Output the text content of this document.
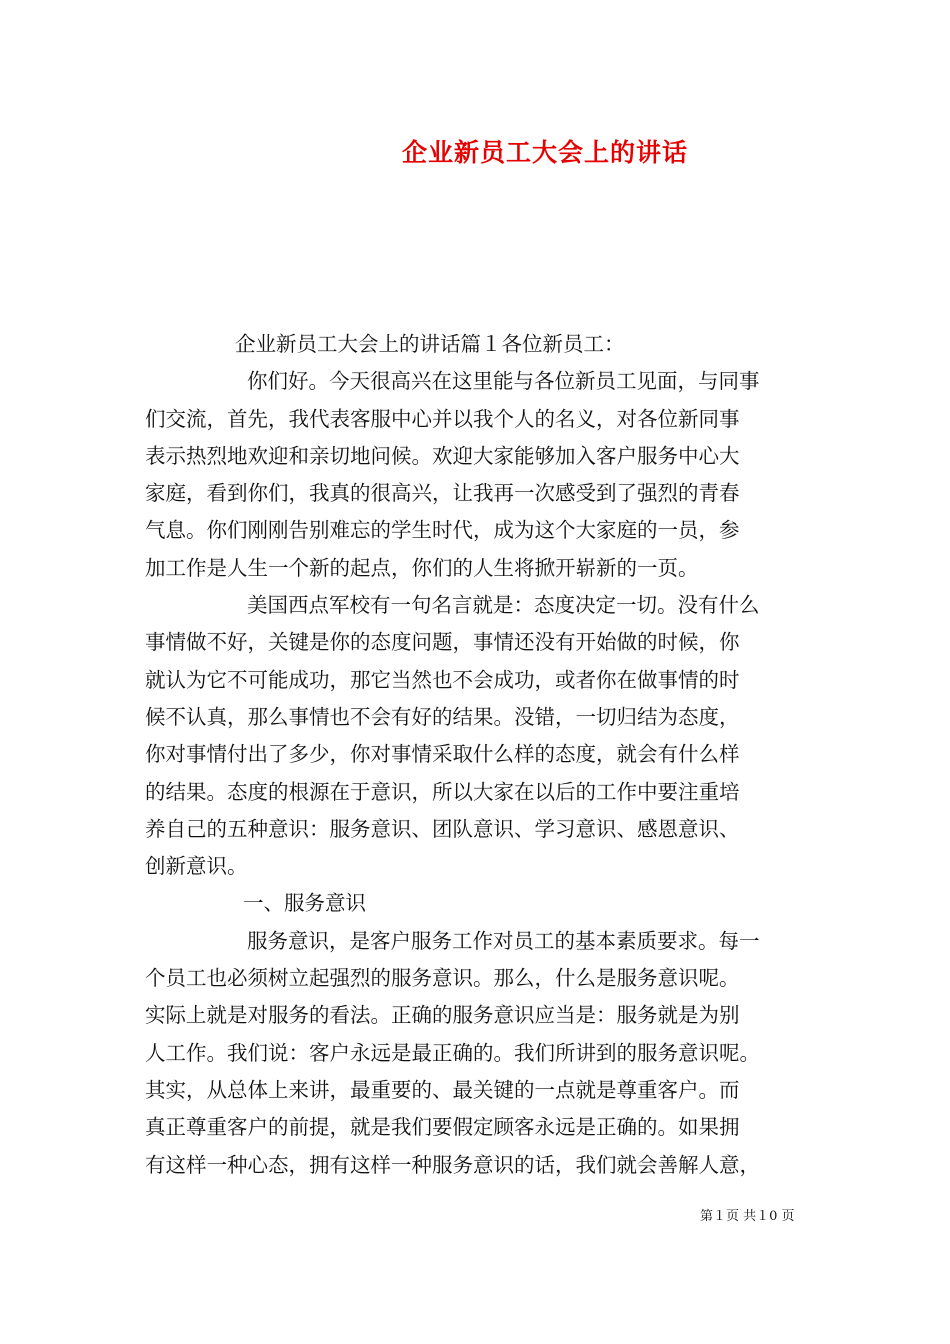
企业新员工大会上的讲话
企业新员工大会上的讲话篇１各位新员工：
你们好。今天很高兴在这里能与各位新员工见面，与同事
们交流，首先，我代表客服中心并以我个人的名义，对各位新同事
表示热烈地欢迎和亲切地问候。欢迎大家能够加入客户服务中心大
家庭，看到你们，我真的很高兴，让我再一次感受到了强烈的青春
气息。你们刚刚告别难忘的学生时代，成为这个大家庭的一员，参
加工作是人生一个新的起点，你们的人生将掀开崭新的一页。
美国西点军校有一句名言就是：态度决定一切。没有什么
事情做不好，关键是你的态度问题，事情还没有开始做的时候，你
就认为它不可能成功，那它当然也不会成功，或者你在做事情的时
候不认真，那么事情也不会有好的结果。没错，一切归结为态度，
你对事情付出了多少，你对事情采取什么样的态度，就会有什么样
的结果。态度的根源在于意识，所以大家在以后的工作中要注重培
养自己的五种意识：服务意识、团队意识、学习意识、感恩意识、
创新意识。
一、服务意识
服务意识，是客户服务工作对员工的基本素质要求。每一
个员工也必须树立起强烈的服务意识。那么，什么是服务意识呢。
实际上就是对服务的看法。正确的服务意识应当是：服务就是为别
人工作。我们说：客户永远是最正确的。我们所讲到的服务意识呢。
其实，从总体上来讲，最重要的、最关键的一点就是尊重客户。而
真正尊重客户的前提，就是我们要假定顾客永远是正确的。如果拥
有这样一种心态，拥有这样一种服务意识的话，我们就会善解人意，
第１页 共１0 页
